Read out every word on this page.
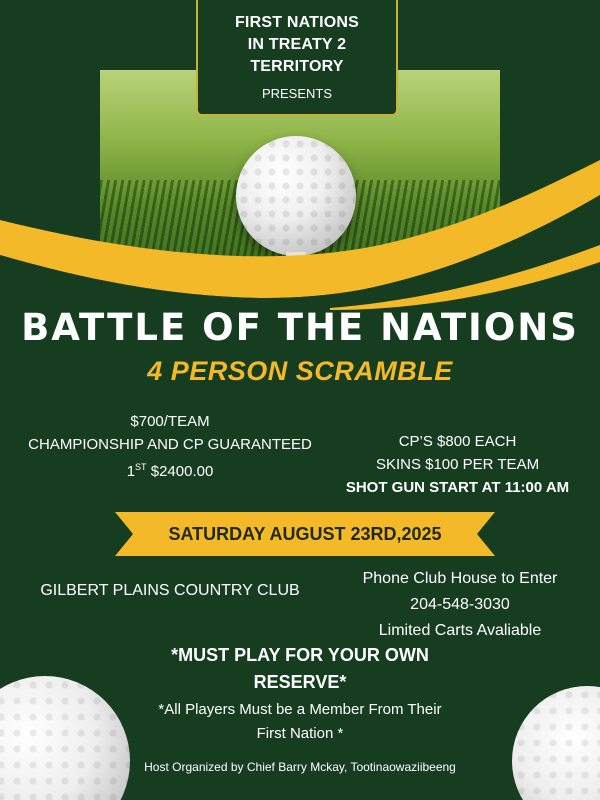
FIRST NATIONS
IN TREATY 2
TERRITORY
PRESENTS
BATTLE OF THE NATIONS
4 PERSON SCRAMBLE
$700/TEAM
CHAMPIONSHIP AND CP GUARANTEED
1ST $2400.00
CP’S $800 EACH
SKINS $100 PER TEAM
SHOT GUN START AT 11:00 AM
SATURDAY AUGUST 23RD,2025
GILBERT PLAINS COUNTRY CLUB
Phone Club House to Enter
204-548-3030
Limited Carts Avaliable
*MUST PLAY FOR YOUR OWN
RESERVE*
*All Players Must be a Member From Their
First Nation *
Host Organized by Chief Barry Mckay, Tootinaowaziibeeng
